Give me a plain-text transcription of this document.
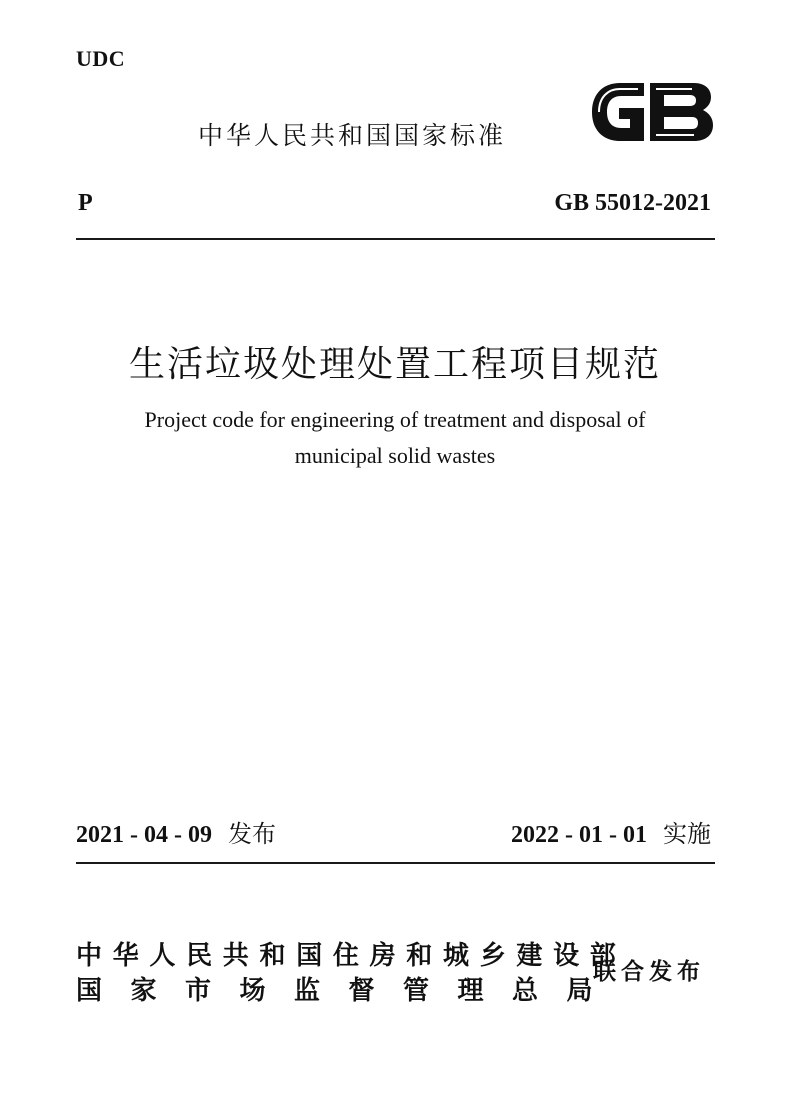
UDC
中华人民共和国国家标准
P	GB 55012-2021
生活垃圾处理处置工程项目规范
Project code for engineering of treatment and disposal of
municipal solid wastes
2021 - 04 - 09 发布	2022 - 01 - 01 实施
中华人民共和国住房和城乡建设部
国家市场监督管理总局
联合发布
